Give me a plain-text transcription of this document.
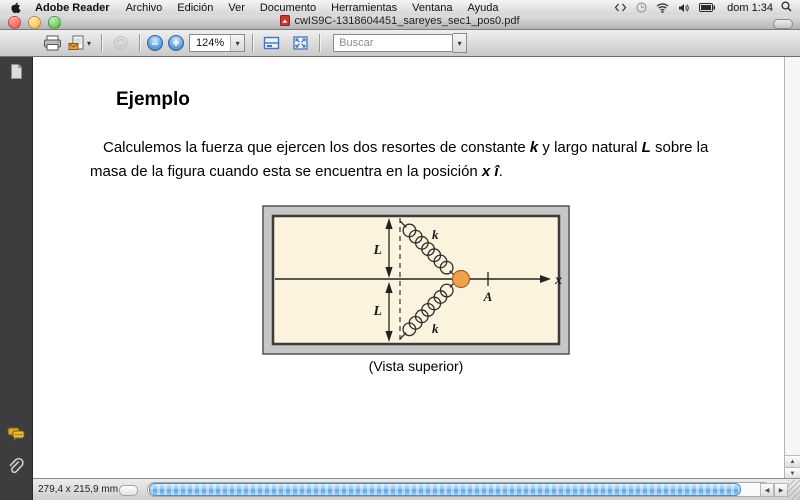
Adobe Reader Archivo Edición Ver Documento Herramientas Ventana Ayuda	dom 1:34
cwIS9C-1318604451_sareyes_sec1_pos0.pdf
▾	– +	124%	▾
Buscar	▾
Ejemplo

Calculemos la fuerza que ejercen los dos resortes de constante k y largo natural L sobre la masa de la figura cuando esta se encuentra en la posición x î.

L
L
k
k
x
A
(Vista superior)
▲
▼
279,4 x 215,9 mm	◀	▶
